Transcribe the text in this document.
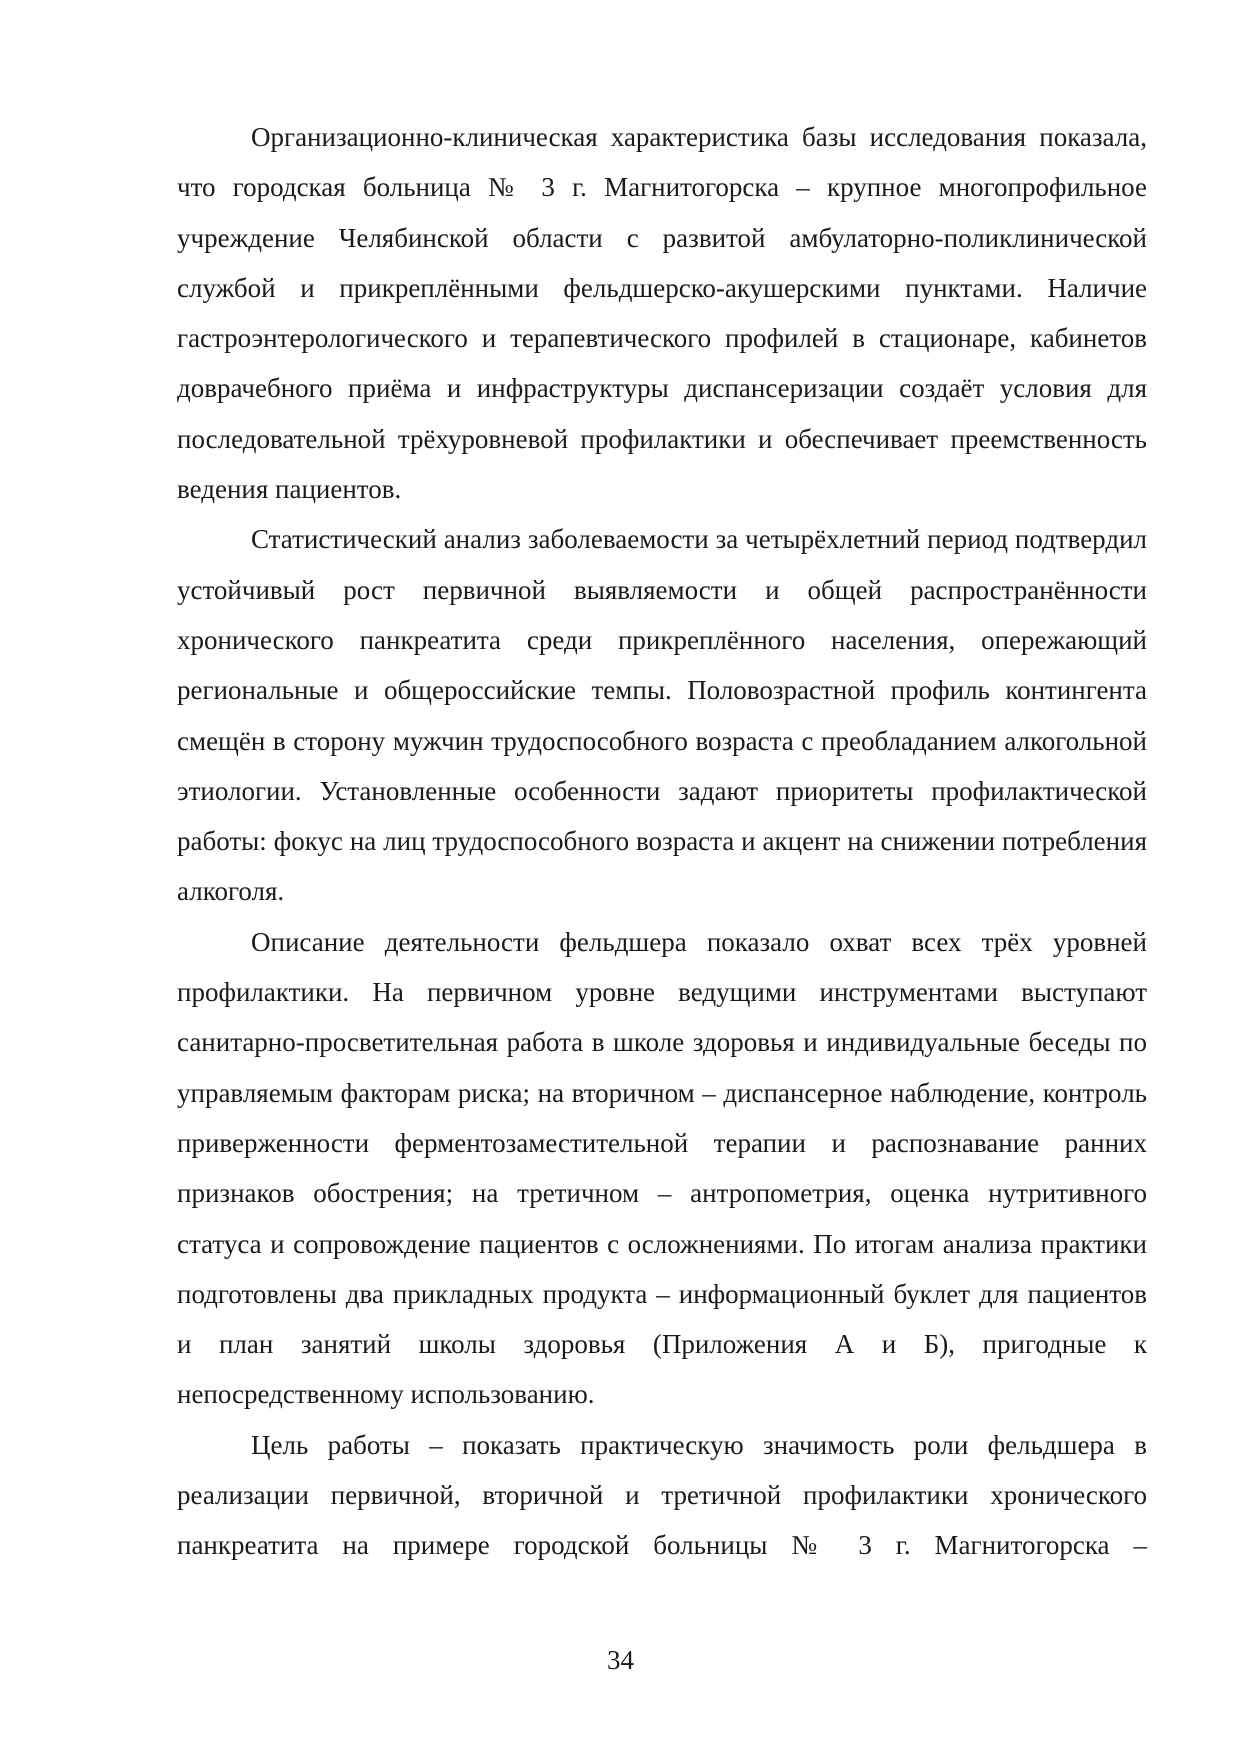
Организационно-клиническая характеристика базы исследования показала, что городская больница № 3 г. Магнитогорска – крупное многопрофильное учреждение Челябинской области с развитой амбулаторно-поликлинической службой и прикреплёнными фельдшерско-акушерскими пунктами. Наличие гастроэнтерологического и терапевтического профилей в стационаре, кабинетов доврачебного приёма и инфраструктуры диспансеризации создаёт условия для последовательной трёхуровневой профилактики и обеспечивает преемственность ведения пациентов.

Статистический анализ заболеваемости за четырёхлетний период подтвердил устойчивый рост первичной выявляемости и общей распространённости хронического панкреатита среди прикреплённого населения, опережающий региональные и общероссийские темпы. Половозрастной профиль контингента смещён в сторону мужчин трудоспособного возраста с преобладанием алкогольной этиологии. Установленные особенности задают приоритеты профилактической работы: фокус на лиц трудоспособного возраста и акцент на снижении потребления алкоголя.

Описание деятельности фельдшера показало охват всех трёх уровней профилактики. На первичном уровне ведущими инструментами выступают санитарно-просветительная работа в школе здоровья и индивидуальные беседы по управляемым факторам риска; на вторичном – диспансерное наблюдение, контроль приверженности ферментозаместительной терапии и распознавание ранних признаков обострения; на третичном – антропометрия, оценка нутритивного статуса и сопровождение пациентов с осложнениями. По итогам анализа практики подготовлены два прикладных продукта – информационный буклет для пациентов и план занятий школы здоровья (Приложения А и Б), пригодные к непосредственному использованию.

Цель работы – показать практическую значимость роли фельдшера в реализации первичной, вторичной и третичной профилактики хронического панкреатита на примере городской больницы № 3 г. Магнитогорска –

34
